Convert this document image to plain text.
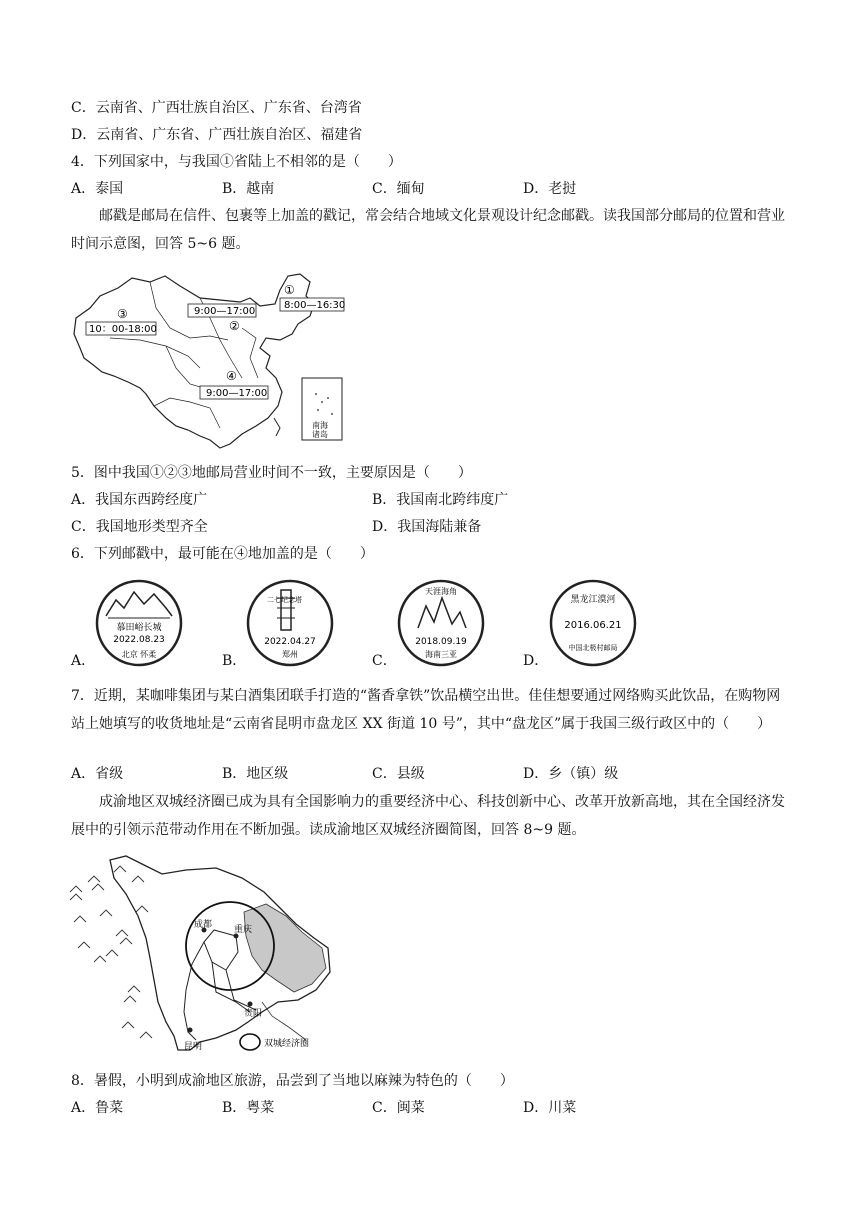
C．云南省、广西壮族自治区、广东省、台湾省
D．云南省、广东省、广西壮族自治区、福建省
4．下列国家中，与我国①省陆上不相邻的是（　　）
A．泰国	B．越南	C．缅甸	D．老挝
邮戳是邮局在信件、包裹等上加盖的戳记，常会结合地域文化景观设计纪念邮戳。读我国部分邮局的位置和营业时间示意图，回答 5~6 题。
南海
诸岛
③
10：00-18:00
9:00—17:00
②
①
8:00—16:30
④
9:00—17:00
5．图中我国①②③地邮局营业时间不一致，主要原因是（　　）
A．我国东西跨经度广	B．我国南北跨纬度广
C．我国地形类型齐全	D．我国海陆兼备
6．下列邮戳中，最可能在④地加盖的是（　　）
A．	B．	C．	D．
慕田峪长城
2022.08.23
北京 怀柔
二七纪念塔
2022.04.27
郑州
天涯海角
2018.09.19
海南三亚
黑龙江漠河
2016.06.21
中国北极村邮局
7．近期，某咖啡集团与某白酒集团联手打造的“酱香拿铁”饮品横空出世。佳佳想要通过网络购买此饮品，在购物网站上她填写的收货地址是“云南省昆明市盘龙区 XX 街道 10 号”，其中“盘龙区”属于我国三级行政区中的（　　）
A．省级	B．地区级	C．县级	D．乡（镇）级
成渝地区双城经济圈已成为具有全国影响力的重要经济中心、科技创新中心、改革开放新高地，其在全国经济发展中的引领示范带动作用在不断加强。读成渝地区双城经济圈简图，回答 8~9 题。
成都 重庆
贵阳
昆明	双城经济圈
8．暑假，小明到成渝地区旅游，品尝到了当地以麻辣为特色的（　　）
A．鲁菜	B．粤菜	C．闽菜	D．川菜
